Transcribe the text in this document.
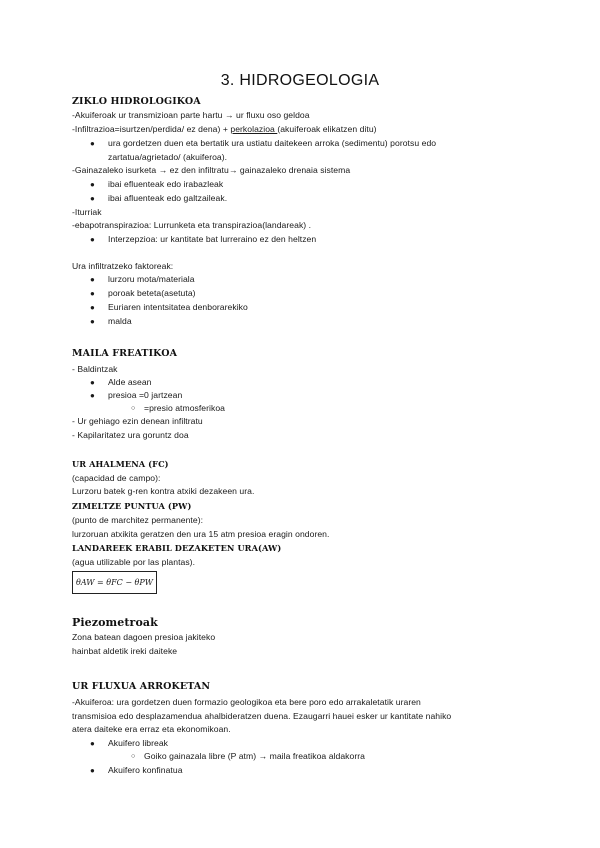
3. HIDROGEOLOGIA
ZIKLO HIDROLOGIKOA
-Akuiferoak ur transmizioan parte hartu → ur fluxu oso geldoa
-Infiltrazioa=isurtzen/perdida/ ez dena) + perkolazioa (akuiferoak elikatzen ditu)
● ura gordetzen duen eta bertatik ura ustiatu daitekeen arroka (sedimentu) porotsu edo
zartatua/agrietado/ (akuiferoa).
-Gainazaleko isurketa → ez den infiltratu→ gainazaleko drenaia sistema
● ibai efluenteak edo irabazleak
● ibai afluenteak edo galtzaileak.
-Iturriak
-ebapotranspirazioa: Lurrunketa eta transpirazioa(landareak) .
● Interzepzioa: ur kantitate bat lurreraino ez den heltzen
Ura infiltratzeko faktoreak:
● lurzoru mota/materiala
● poroak beteta(asetuta)
● Euriaren intentsitatea denborarekiko
● malda
MAILA FREATIKOA
- Baldintzak
● Alde asean
● presioa =0 jartzean
○ =presio atmosferikoa
- Ur gehiago ezin denean infiltratu
- Kapilaritatez ura goruntz doa
UR AHALMENA (FC)
(capacidad de campo):
Lurzoru batek g-ren kontra atxiki dezakeen ura.
ZIMELTZE PUNTUA (PW)
(punto de marchitez permanente):
lurzoruan atxikita geratzen den ura 15 atm presioa eragin ondoren.
LANDAREEK ERABIL DEZAKETEN URA(AW)
(agua utilizable por las plantas).
θAW = θFC − θPW
Piezometroak
Zona batean dagoen presioa jakiteko
hainbat aldetik ireki daiteke
UR FLUXUA ARROKETAN
-Akuiferoa: ura gordetzen duen formazio geologikoa eta bere poro edo arrakaletatik uraren
transmisioa edo desplazamendua ahalbideratzen duena. Ezaugarri hauei esker ur kantitate nahiko
atera daiteke era erraz eta ekonomikoan.
● Akuifero libreak
○ Goiko gainazala libre (P atm) → maila freatikoa aldakorra
● Akuifero konfinatua
